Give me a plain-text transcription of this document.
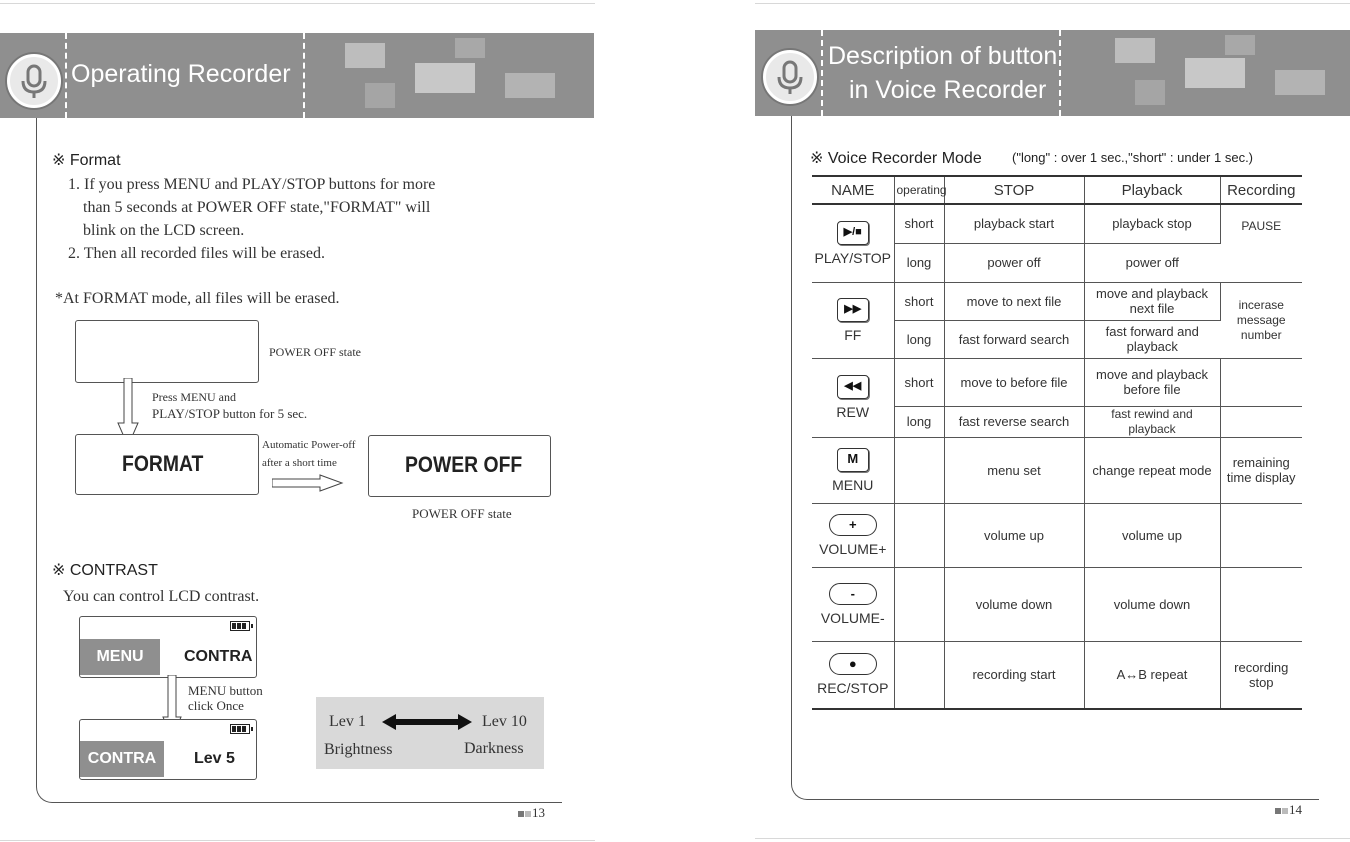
Operating Recorder
※ Format
1. If you press MENU and PLAY/STOP buttons for more
than 5 seconds at POWER OFF state,"FORMAT" will
blink on the LCD screen.
2. Then all recorded files will be erased.
*At FORMAT mode, all files will be erased.
POWER OFF state
Press MENU and
PLAY/STOP button for 5 sec.
FORMAT
Automatic Power-off
after a short time	POWER OFF
POWER OFF state
※ CONTRAST
You can control LCD contrast.
MENU	CONTRA
MENU button
click Once
CONTRA	Lev 5
Lev 1	Lev 10
Brightness	Darkness
13
Description of button
in Voice Recorder
※ Voice Recorder Mode ("long" : over 1 sec.,"short" : under 1 sec.)
NAME	operating	STOP	Playback	Recording
▶/■
PLAY/STOP	short	playback start	playback stop	PAUSE
	long	power off	power off	
▶▶
FF	short	move to next file	move and playback next file	incerase message number
	long	fast forward search	fast forward and playback	
◀◀
REW	short	move to before file	move and playback before file	
	long	fast reverse search	fast rewind and playback	
M
MENU		menu set	change repeat mode	remaining time display
+
VOLUME+		volume up	volume up	
-
VOLUME-		volume down	volume down	
●
REC/STOP		recording start	A↔B repeat	recording stop
14
